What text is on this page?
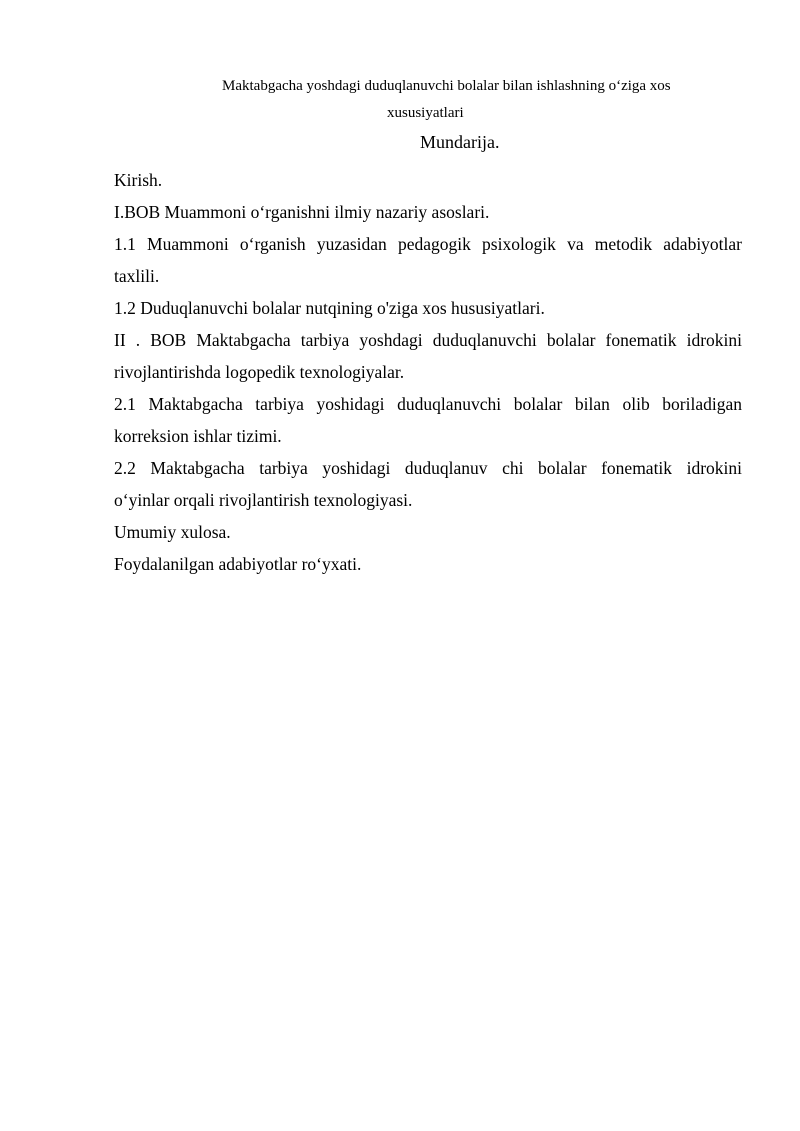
Maktabgacha yoshdagi duduqlanuvchi bolalar bilan ishlashning o‘ziga xos
xususiyatlari
Mundarija.
Kirish.
I.BOB Muammoni o‘rganishni ilmiy nazariy asoslari.
1.1 Muammoni o‘rganish yuzasidan pedagogik psixologik va metodik adabiyotlar
taxlili.
1.2 Duduqlanuvchi bolalar nutqining o'ziga xos hususiyatlari.
II . BOB Maktabgacha tarbiya yoshdagi duduqlanuvchi bolalar fonematik idrokini
rivojlantirishda logopedik texnologiyalar.
2.1 Maktabgacha tarbiya yoshidagi duduqlanuvchi bolalar bilan olib boriladigan
korreksion ishlar tizimi.
2.2 Maktabgacha tarbiya yoshidagi duduqlanuv chi bolalar fonematik idrokini
o‘yinlar orqali rivojlantirish texnologiyasi.
Umumiy xulosa.
Foydalanilgan adabiyotlar ro‘yxati.
